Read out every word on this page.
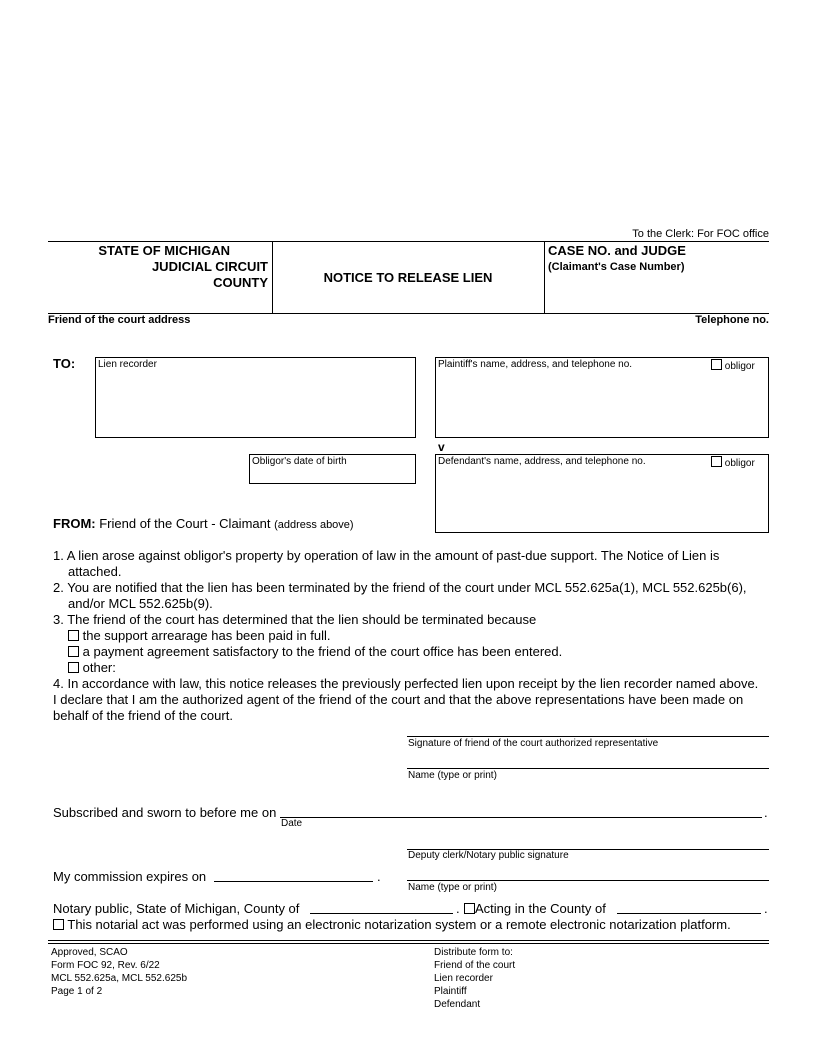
To the Clerk: For FOC office
STATE OF MICHIGAN
JUDICIAL CIRCUIT
COUNTY	NOTICE TO RELEASE LIEN
CASE NO. and JUDGE
(Claimant's Case Number)
Friend of the court address	Telephone no.
TO: Lien recorder	Plaintiff's name, address, and telephone no.	obligor
v
Obligor's date of birth	Defendant's name, address, and telephone no.	obligor
FROM: Friend of the Court - Claimant (address above)
1. A lien arose against obligor's property by operation of law in the amount of past-due support. The Notice of Lien is
attached.
2. You are notified that the lien has been terminated by the friend of the court under MCL 552.625a(1), MCL 552.625b(6),
and/or MCL 552.625b(9).
3. The friend of the court has determined that the lien should be terminated because
the support arrearage has been paid in full.
a payment agreement satisfactory to the friend of the court office has been entered.
other:
4. In accordance with law, this notice releases the previously perfected lien upon receipt by the lien recorder named above.
I declare that I am the authorized agent of the friend of the court and that the above representations have been made on
behalf of the friend of the court.
Signature of friend of the court authorized representative
Name (type or print)
Subscribed and sworn to before me on	.
Date
Deputy clerk/Notary public signature
My commission expires on	.
Name (type or print)
Notary public, State of Michigan, County of	.	Acting in the County of	.
This notarial act was performed using an electronic notarization system or a remote electronic notarization platform.
Approved, SCAO
Form FOC 92, Rev. 6/22
MCL 552.625a, MCL 552.625b
Page 1 of 2
Distribute form to:
Friend of the court
Lien recorder
Plaintiff
Defendant
